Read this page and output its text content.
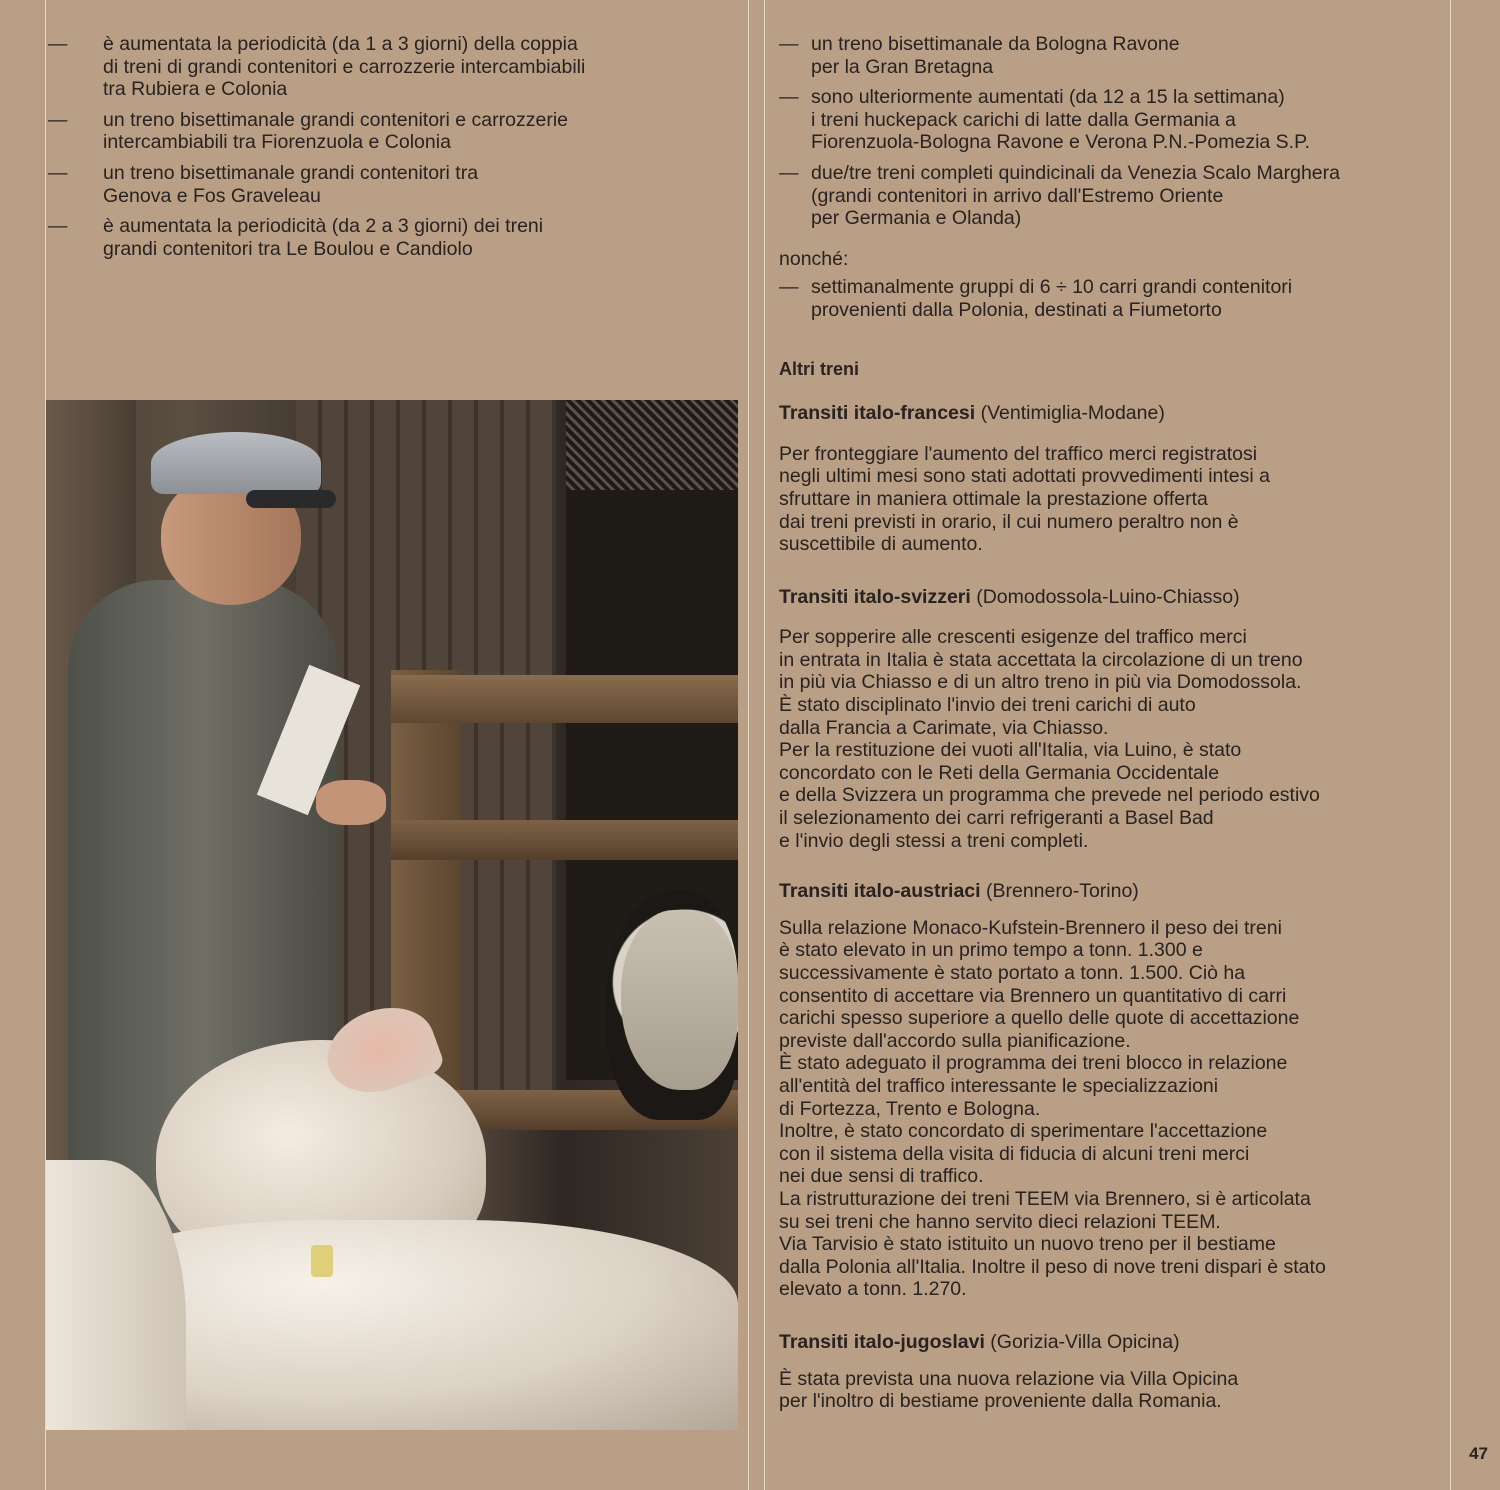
— è aumentata la periodicità (da 1 a 3 giorni) della coppia
di treni di grandi contenitori e carrozzerie intercambiabili
tra Rubiera e Colonia
— un treno bisettimanale grandi contenitori e carrozzerie
intercambiabili tra Fiorenzuola e Colonia
— un treno bisettimanale grandi contenitori tra
Genova e Fos Graveleau
— è aumentata la periodicità (da 2 a 3 giorni) dei treni
grandi contenitori tra Le Boulou e Candiolo
— un treno bisettimanale da Bologna Ravone
per la Gran Bretagna
— sono ulteriormente aumentati (da 12 a 15 la settimana)
i treni huckepack carichi di latte dalla Germania a
Fiorenzuola-Bologna Ravone e Verona P.N.-Pomezia S.P.
— due/tre treni completi quindicinali da Venezia Scalo Marghera
(grandi contenitori in arrivo dall'Estremo Oriente
per Germania e Olanda)

nonché:

— settimanalmente gruppi di 6 ÷ 10 carri grandi contenitori
provenienti dalla Polonia, destinati a Fiumetorto

Altri treni

Transiti italo-francesi (Ventimiglia-Modane)

Per fronteggiare l'aumento del traffico merci registratosi
negli ultimi mesi sono stati adottati provvedimenti intesi a
sfruttare in maniera ottimale la prestazione offerta
dai treni previsti in orario, il cui numero peraltro non è
suscettibile di aumento.

Transiti italo-svizzeri (Domodossola-Luino-Chiasso)

Per sopperire alle crescenti esigenze del traffico merci
in entrata in Italia è stata accettata la circolazione di un treno
in più via Chiasso e di un altro treno in più via Domodossola.
È stato disciplinato l'invio dei treni carichi di auto
dalla Francia a Carimate, via Chiasso.
Per la restituzione dei vuoti all'Italia, via Luino, è stato
concordato con le Reti della Germania Occidentale
e della Svizzera un programma che prevede nel periodo estivo
il selezionamento dei carri refrigeranti a Basel Bad
e l'invio degli stessi a treni completi.

Transiti italo-austriaci (Brennero-Torino)

Sulla relazione Monaco-Kufstein-Brennero il peso dei treni
è stato elevato in un primo tempo a tonn. 1.300 e
successivamente è stato portato a tonn. 1.500. Ciò ha
consentito di accettare via Brennero un quantitativo di carri
carichi spesso superiore a quello delle quote di accettazione
previste dall'accordo sulla pianificazione.
È stato adeguato il programma dei treni blocco in relazione
all'entità del traffico interessante le specializzazioni
di Fortezza, Trento e Bologna.
Inoltre, è stato concordato di sperimentare l'accettazione
con il sistema della visita di fiducia di alcuni treni merci
nei due sensi di traffico.
La ristrutturazione dei treni TEEM via Brennero, si è articolata
su sei treni che hanno servito dieci relazioni TEEM.
Via Tarvisio è stato istituito un nuovo treno per il bestiame
dalla Polonia all'Italia. Inoltre il peso di nove treni dispari è stato
elevato a tonn. 1.270.

Transiti italo-jugoslavi (Gorizia-Villa Opicina)

È stata prevista una nuova relazione via Villa Opicina
per l'inoltro di bestiame proveniente dalla Romania.
47
